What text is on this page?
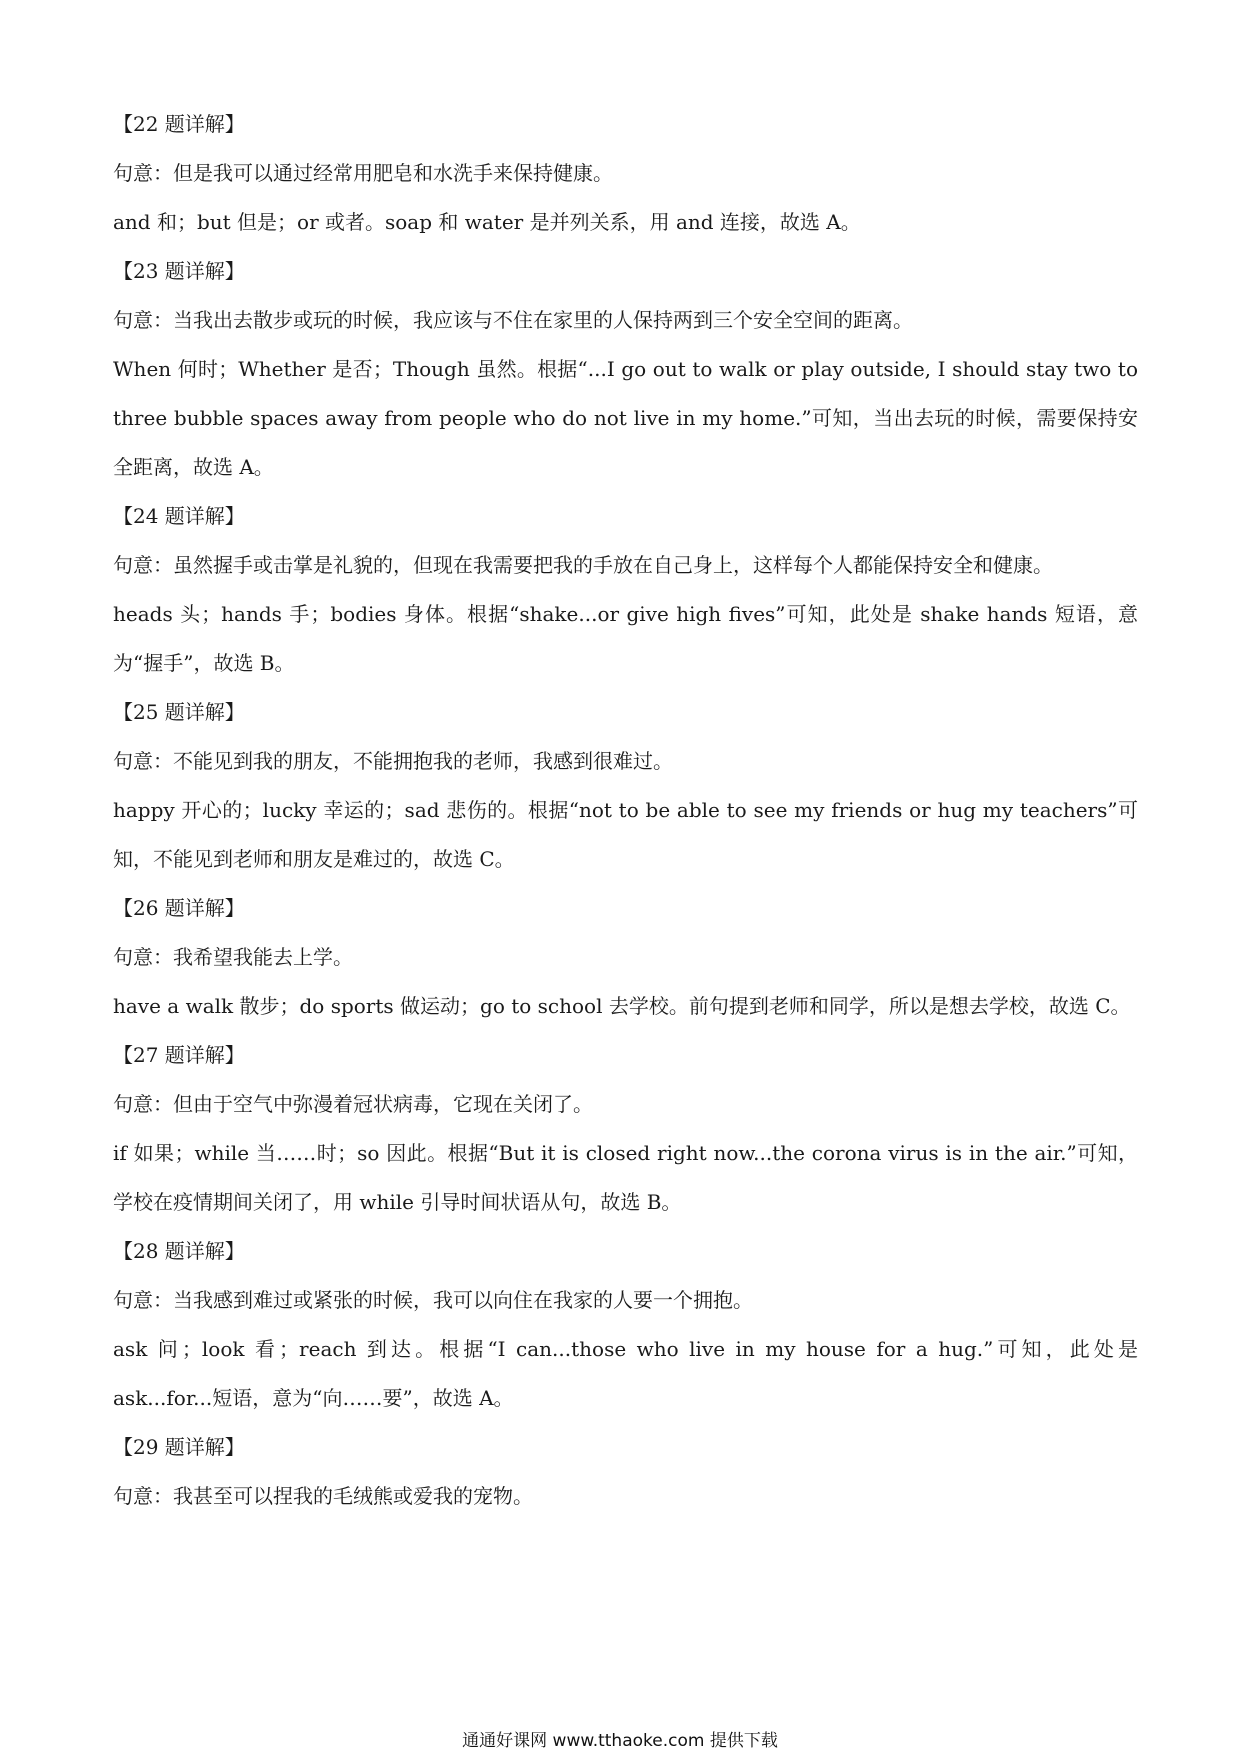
【22 题详解】
句意：但是我可以通过经常用肥皂和水洗手来保持健康。
and 和；but 但是；or 或者。soap 和 water 是并列关系，用 and 连接，故选 A。
【23 题详解】
句意：当我出去散步或玩的时候，我应该与不住在家里的人保持两到三个安全空间的距离。
When 何时；Whether 是否；Though 虽然。根据“...I go out to walk or play outside, I should stay two to three bubble spaces away from people who do not live in my home.”可知，当出去玩的时候，需要保持安全距离，故选 A。
【24 题详解】
句意：虽然握手或击掌是礼貌的，但现在我需要把我的手放在自己身上，这样每个人都能保持安全和健康。
heads 头；hands 手；bodies 身体。根据“shake...or give high fives”可知，此处是 shake hands 短语，意为“握手”，故选 B。
【25 题详解】
句意：不能见到我的朋友，不能拥抱我的老师，我感到很难过。
happy 开心的；lucky 幸运的；sad 悲伤的。根据“not to be able to see my friends or hug my teachers”可知，不能见到老师和朋友是难过的，故选 C。
【26 题详解】
句意：我希望我能去上学。
have a walk 散步；do sports 做运动；go to school 去学校。前句提到老师和同学，所以是想去学校，故选 C。
【27 题详解】
句意：但由于空气中弥漫着冠状病毒，它现在关闭了。
if 如果；while 当……时；so 因此。根据“But it is closed right now...the corona virus is in the air.”可知，学校在疫情期间关闭了，用 while 引导时间状语从句，故选 B。
【28 题详解】
句意：当我感到难过或紧张的时候，我可以向住在我家的人要一个拥抱。
ask 问；look 看；reach 到达。根据“I can...those who live in my house for a hug.”可知，此处是 ask...for...短语，意为“向……要”，故选 A。
【29 题详解】
句意：我甚至可以捏我的毛绒熊或爱我的宠物。
通通好课网 www.tthaoke.com 提供下载
